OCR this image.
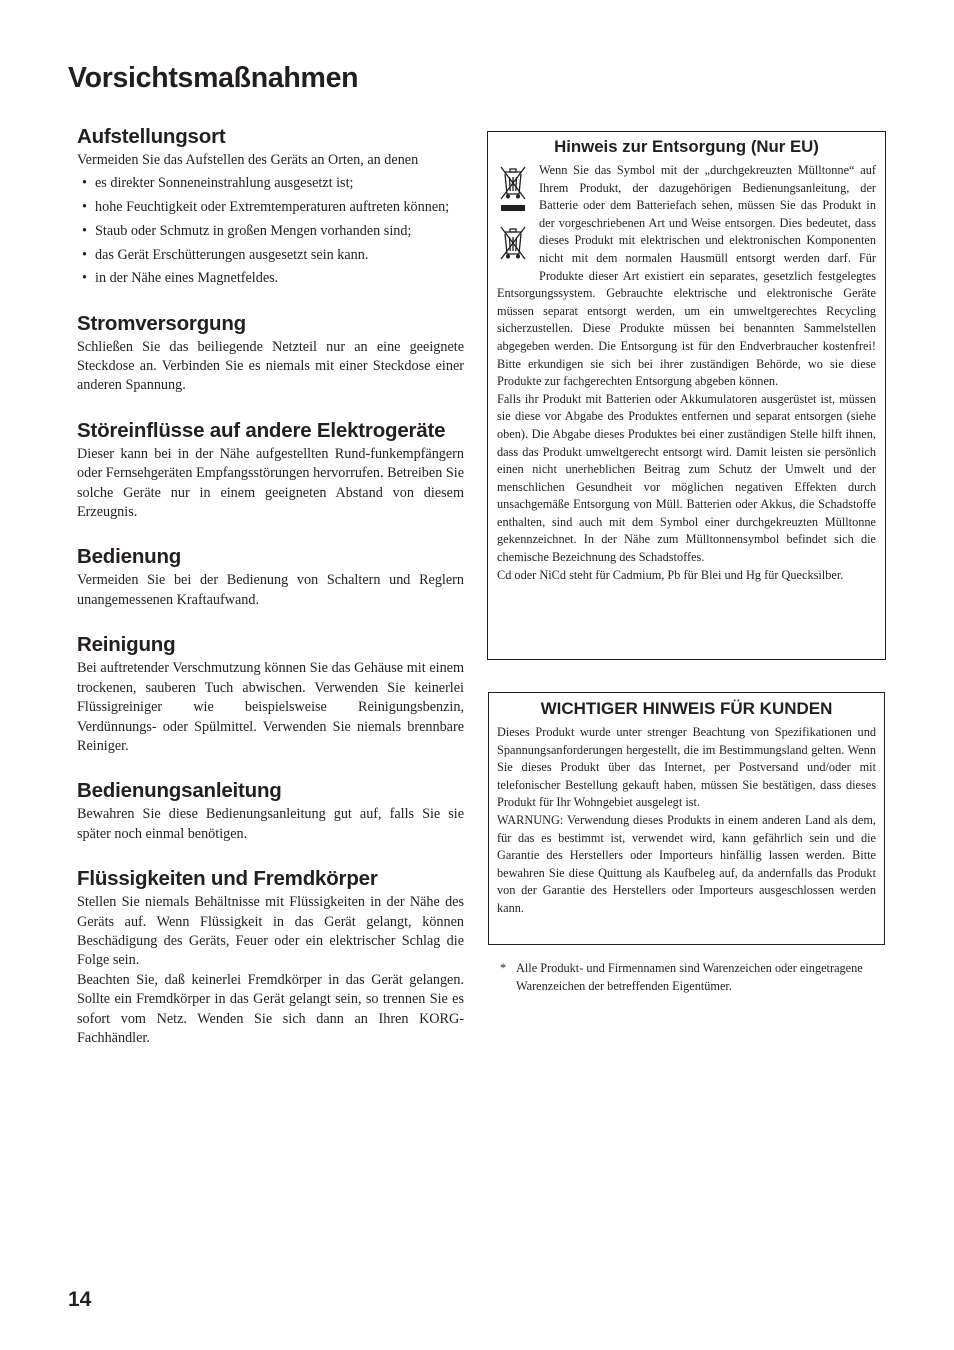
Vorsichtsmaßnahmen
Aufstellungsort

Vermeiden Sie das Aufstellen des Geräts an Orten, an denen

• es direkter Sonneneinstrahlung ausgesetzt ist;
• hohe Feuchtigkeit oder Extremtemperaturen auftreten können;
• Staub oder Schmutz in großen Mengen vorhanden sind;
• das Gerät Erschütterungen ausgesetzt sein kann.
• in der Nähe eines Magnetfeldes.
Stromversorgung

Schließen Sie das beiliegende Netzteil nur an eine geeignete Steckdose an. Verbinden Sie es niemals mit einer Steckdose einer anderen Spannung.

Störeinflüsse auf andere Elektrogeräte

Dieser kann bei in der Nähe aufgestellten Rund-funkempfängern oder Fernsehgeräten Empfangsstörungen hervorrufen. Betreiben Sie solche Geräte nur in einem geeigneten Abstand von diesem Erzeugnis.

Bedienung

Vermeiden Sie bei der Bedienung von Schaltern und Reglern unangemessenen Kraftaufwand.

Reinigung

Bei auftretender Verschmutzung können Sie das Gehäuse mit einem trockenen, sauberen Tuch abwischen. Verwenden Sie keinerlei Flüssigreiniger wie beispielsweise Reinigungsbenzin, Verdünnungs- oder Spülmittel. Verwenden Sie niemals brennbare Reiniger.

Bedienungsanleitung

Bewahren Sie diese Bedienungsanleitung gut auf, falls Sie sie später noch einmal benötigen.

Flüssigkeiten und Fremdkörper

Stellen Sie niemals Behältnisse mit Flüssigkeiten in der Nähe des Geräts auf. Wenn Flüssigkeit in das Gerät gelangt, können Beschädigung des Geräts, Feuer oder ein elektrischer Schlag die Folge sein.

Beachten Sie, daß keinerlei Fremdkörper in das Gerät gelangen. Sollte ein Fremdkörper in das Gerät gelangt sein, so trennen Sie es sofort vom Netz. Wenden Sie sich dann an Ihren KORG-Fachhändler.

Hinweis zur Entsorgung (Nur EU)

Wenn Sie das Symbol mit der „durchgekreuzten Mülltonne“ auf Ihrem Produkt, der dazugehörigen Bedienungsanleitung, der Batterie oder dem Batteriefach sehen, müssen Sie das Produkt in der vorgeschriebenen Art und Weise entsorgen. Dies bedeutet, dass dieses Produkt mit elektrischen und elektronischen Komponenten nicht mit dem normalen Hausmüll entsorgt werden darf. Für Produkte dieser Art existiert ein separates, gesetzlich festgelegtes Entsorgungssystem. Gebrauchte elektrische und elektronische Geräte müssen separat entsorgt werden, um ein umweltgerechtes Recycling sicherzustellen. Diese Produkte müssen bei benannten Sammelstellen abgegeben werden. Die Entsorgung ist für den Endverbraucher kostenfrei! Bitte erkundigen sie sich bei ihrer zuständigen Behörde, wo sie diese Produkte zur fachgerechten Entsorgung abgeben können.

Falls ihr Produkt mit Batterien oder Akkumulatoren ausgerüstet ist, müssen sie diese vor Abgabe des Produktes entfernen und separat entsorgen (siehe oben). Die Abgabe dieses Produktes bei einer zuständigen Stelle hilft ihnen, dass das Produkt umweltgerecht entsorgt wird. Damit leisten sie persönlich einen nicht unerheblichen Beitrag zum Schutz der Umwelt und der menschlichen Gesundheit vor möglichen negativen Effekten durch unsachgemäße Entsorgung von Müll. Batterien oder Akkus, die Schadstoffe enthalten, sind auch mit dem Symbol einer durchgekreuzten Mülltonne gekennzeichnet. In der Nähe zum Mülltonnensymbol befindet sich die chemische Bezeichnung des Schadstoffes.

Cd oder NiCd steht für Cadmium, Pb für Blei und Hg für Quecksilber.

WICHTIGER HINWEIS FÜR KUNDEN

Dieses Produkt wurde unter strenger Beachtung von Spezifikationen und Spannungsanforderungen hergestellt, die im Bestimmungsland gelten. Wenn Sie dieses Produkt über das Internet, per Postversand und/oder mit telefonischer Bestellung gekauft haben, müssen Sie bestätigen, dass dieses Produkt für Ihr Wohngebiet ausgelegt ist.

WARNUNG: Verwendung dieses Produkts in einem anderen Land als dem, für das es bestimmt ist, verwendet wird, kann gefährlich sein und die Garantie des Herstellers oder Importeurs hinfällig lassen werden. Bitte bewahren Sie diese Quittung als Kaufbeleg auf, da andernfalls das Produkt von der Garantie des Herstellers oder Importeurs ausgeschlossen werden kann.

* Alle Produkt- und Firmennamen sind Warenzeichen oder eingetragene Warenzeichen der betreffenden Eigentümer.
14
